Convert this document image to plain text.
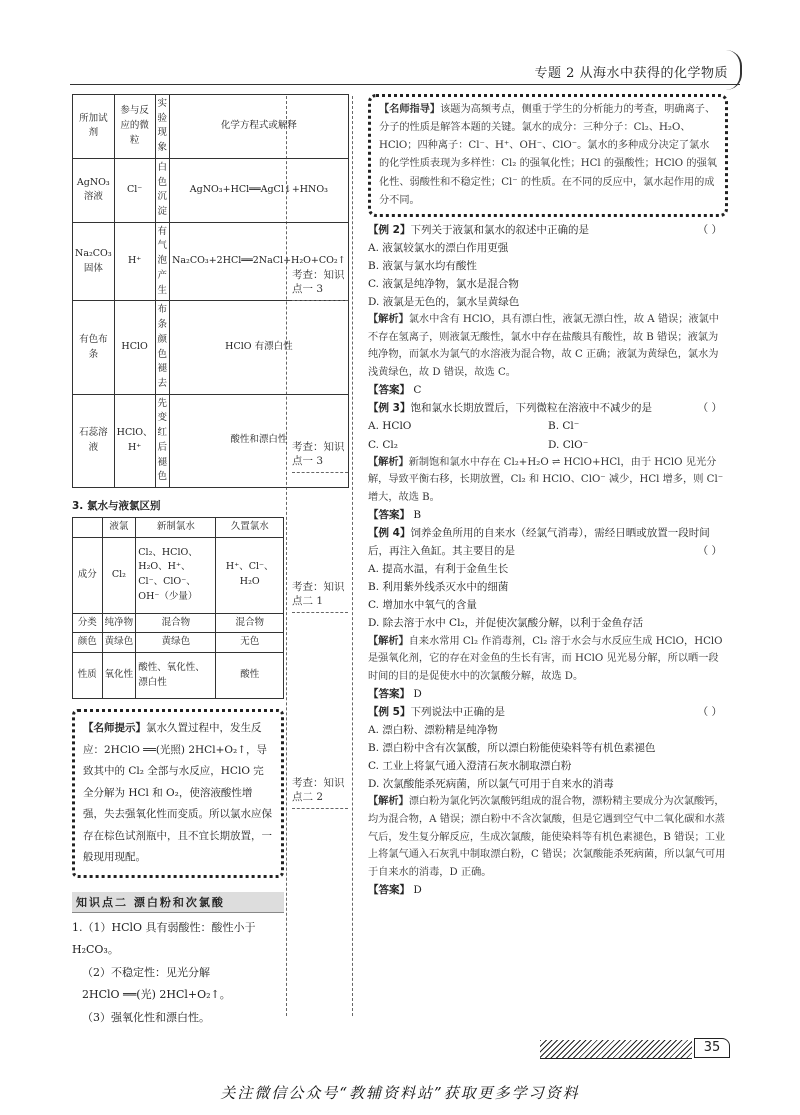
专题 2 从海水中获得的化学物质
所加试剂	参与反应的微粒	实验现象	化学方程式或解释
AgNO₃溶液	Cl⁻	白色沉淀	AgNO₃+HCl══AgCl↓+HNO₃
Na₂CO₃固体	H⁺	有气泡产生	Na₂CO₃+2HCl══2NaCl+H₂O+CO₂↑
有色布条	HClO	布条颜色褪去	HClO 有漂白性
石蕊溶液	HClO、H⁺	先变红后褪色	酸性和漂白性
3. 氯水与液氯区别
	液氯	新制氯水	久置氯水
成分	Cl₂	Cl₂、HClO、H₂O、H⁺、Cl⁻、ClO⁻、OH⁻（少量）	H⁺、Cl⁻、H₂O
分类	纯净物	混合物	混合物
颜色	黄绿色	黄绿色	无色
性质	氧化性	酸性、氧化性、漂白性	酸性
【名师提示】氯水久置过程中，发生反应：2HClO ══(光照) 2HCl+O₂↑，导致其中的 Cl₂ 全部与水反应，HClO 完全分解为 HCl 和 O₂，使溶液酸性增强，失去强氧化性而变质。所以氯水应保存在棕色试剂瓶中，且不宜长期放置，一般现用现配。
知识点二 漂白粉和次氯酸

1.（1）HClO 具有弱酸性：酸性小于 H₂CO₃。

（2）不稳定性：见光分解

2HClO ══(光) 2HCl+O₂↑。

（3）强氧化性和漂白性。

考查：知识点一 3
考查：知识点一 3
考查：知识点二 1
考查：知识点二 2
【名师指导】该题为高频考点，侧重于学生的分析能力的考查，明确离子、分子的性质是解答本题的关键。氯水的成分：三种分子：Cl₂、H₂O、HClO；四种离子：Cl⁻、H⁺、OH⁻、ClO⁻。氯水的多种成分决定了氯水的化学性质表现为多样性：Cl₂ 的强氧化性；HCl 的强酸性；HClO 的强氧化性、弱酸性和不稳定性；Cl⁻ 的性质。在不同的反应中，氯水起作用的成分不同。

【例 2】下列关于液氯和氯水的叙述中正确的是	（ ）

A. 液氯较氯水的漂白作用更强

B. 液氯与氯水均有酸性

C. 液氯是纯净物，氯水是混合物

D. 液氯是无色的，氯水呈黄绿色

【解析】氯水中含有 HClO，具有漂白性，液氯无漂白性，故 A 错误；液氯中不存在氢离子，则液氯无酸性，氯水中存在盐酸具有酸性，故 B 错误；液氯为纯净物，而氯水为氯气的水溶液为混合物，故 C 正确；液氯为黄绿色，氯水为浅黄绿色，故 D 错误，故选 C。

【答案】 C

【例 3】饱和氯水长期放置后，下列微粒在溶液中不减少的是	（ ）

A. HClO	B. Cl⁻
C. Cl₂	D. ClO⁻

【解析】新制饱和氯水中存在 Cl₂+H₂O ⇌ HClO+HCl，由于 HClO 见光分解，导致平衡右移，长期放置，Cl₂ 和 HClO、ClO⁻ 减少，HCl 增多，则 Cl⁻ 增大，故选 B。

【答案】 B

【例 4】饲养金鱼所用的自来水（经氯气消毒），需经日晒或放置一段时间后，再注入鱼缸。其主要目的是	（ ）

A. 提高水温，有利于金鱼生长

B. 利用紫外线杀灭水中的细菌

C. 增加水中氧气的含量

D. 除去溶于水中 Cl₂，并促使次氯酸分解，以利于金鱼存活

【解析】自来水常用 Cl₂ 作消毒剂，Cl₂ 溶于水会与水反应生成 HClO，HClO 是强氧化剂，它的存在对金鱼的生长有害，而 HClO 见光易分解，所以晒一段时间的目的是促使水中的次氯酸分解，故选 D。

【答案】 D

【例 5】下列说法中正确的是	（ ）

A. 漂白粉、漂粉精是纯净物

B. 漂白粉中含有次氯酸，所以漂白粉能使染料等有机色素褪色

C. 工业上将氯气通入澄清石灰水制取漂白粉

D. 次氯酸能杀死病菌，所以氯气可用于自来水的消毒

【解析】漂白粉为氯化钙次氯酸钙组成的混合物，漂粉精主要成分为次氯酸钙，均为混合物，A 错误；漂白粉中不含次氯酸，但是它遇到空气中二氧化碳和水蒸气后，发生复分解反应，生成次氯酸，能使染料等有机色素褪色，B 错误；工业上将氯气通入石灰乳中制取漂白粉，C 错误；次氯酸能杀死病菌，所以氯气可用于自来水的消毒，D 正确。

【答案】 D

35
关注微信公众号“教辅资料站”获取更多学习资料
